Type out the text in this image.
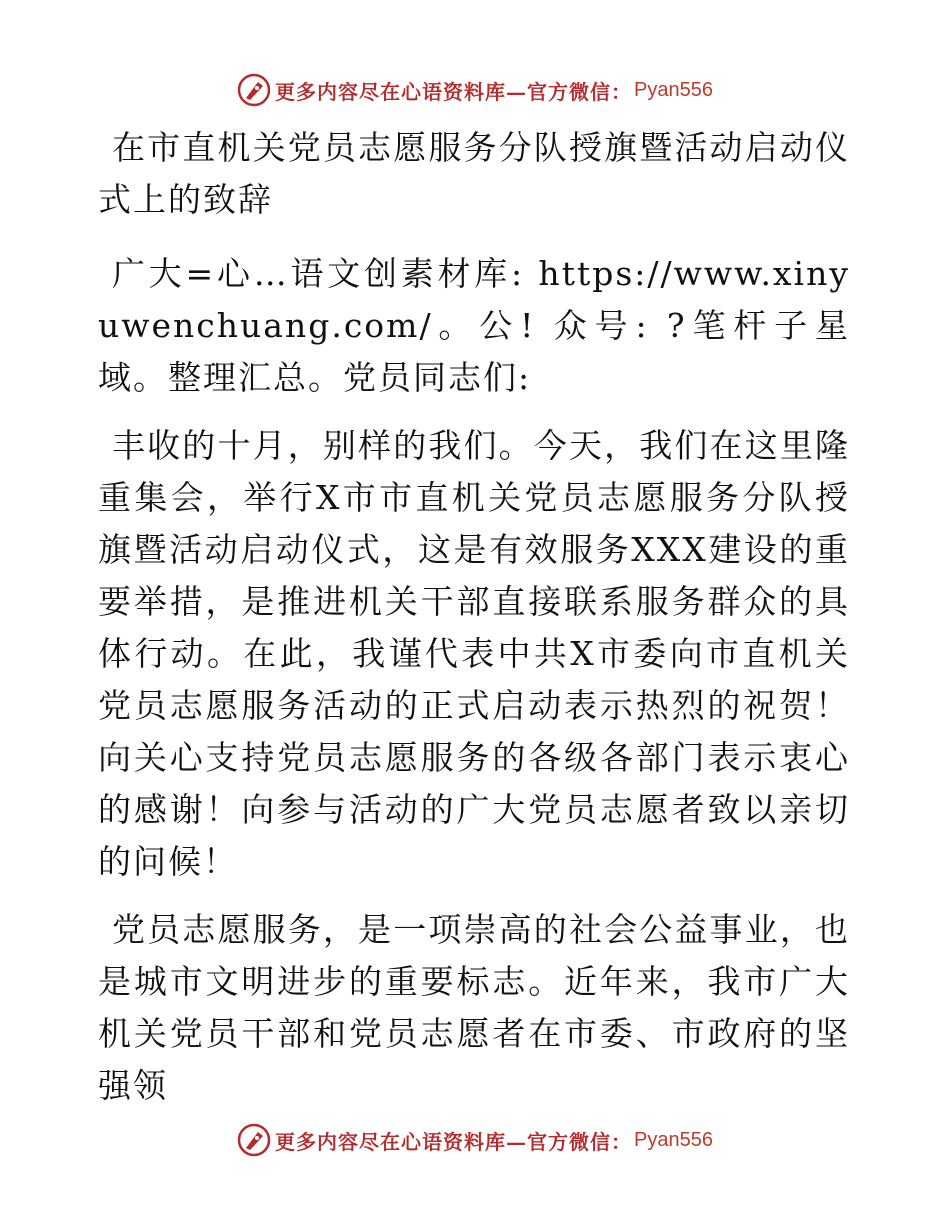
更多内容尽在心语资料库—官方微信： Pyan556

在市直机关党员志愿服务分队授旗暨活动启动仪式上的致辞

广大=心…语文创素材库: https://www.xinyuwenchuang.com/。公! 众号: ?笔杆子星域。整理汇总。党员同志们:

丰收的十月，别样的我们。今天，我们在这里隆重集会，举行X市市直机关党员志愿服务分队授旗暨活动启动仪式，这是有效服务XXX建设的重要举措，是推进机关干部直接联系服务群众的具体行动。在此，我谨代表中共X市委向市直机关党员志愿服务活动的正式启动表示热烈的祝贺！向关心支持党员志愿服务的各级各部门表示衷心的感谢！向参与活动的广大党员志愿者致以亲切的问候！

党员志愿服务，是一项崇高的社会公益事业，也是城市文明进步的重要标志。近年来，我市广大机关党员干部和党员志愿者在市委、市政府的坚强领

更多内容尽在心语资料库—官方微信： Pyan556
